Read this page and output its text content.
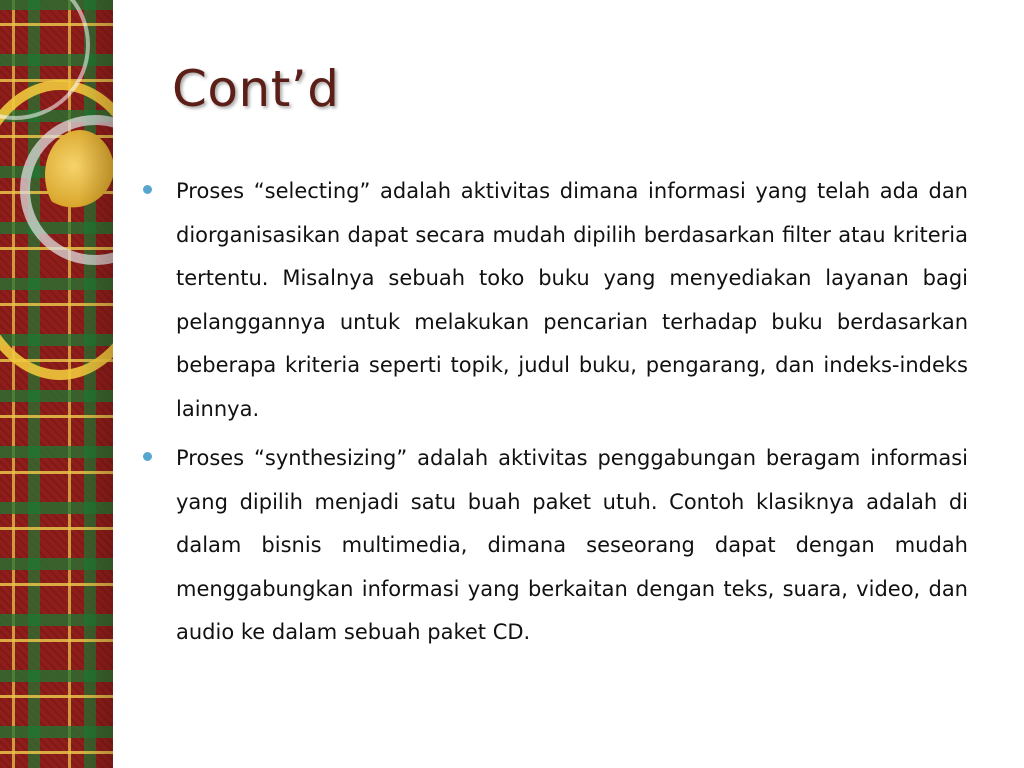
Cont’d

Proses “selecting” adalah aktivitas dimana informasi yang telah ada dan diorganisasikan dapat secara mudah dipilih berdasarkan filter atau kriteria tertentu. Misalnya sebuah toko buku yang menyediakan layanan bagi pelanggannya untuk melakukan pencarian terhadap buku berdasarkan beberapa kriteria seperti topik, judul buku, pengarang, dan indeks-indeks lainnya.

Proses “synthesizing” adalah aktivitas penggabungan beragam informasi yang dipilih menjadi satu buah paket utuh. Contoh klasiknya adalah di dalam bisnis multimedia, dimana seseorang dapat dengan mudah menggabungkan informasi yang berkaitan dengan teks, suara, video, dan audio ke dalam sebuah paket CD.
